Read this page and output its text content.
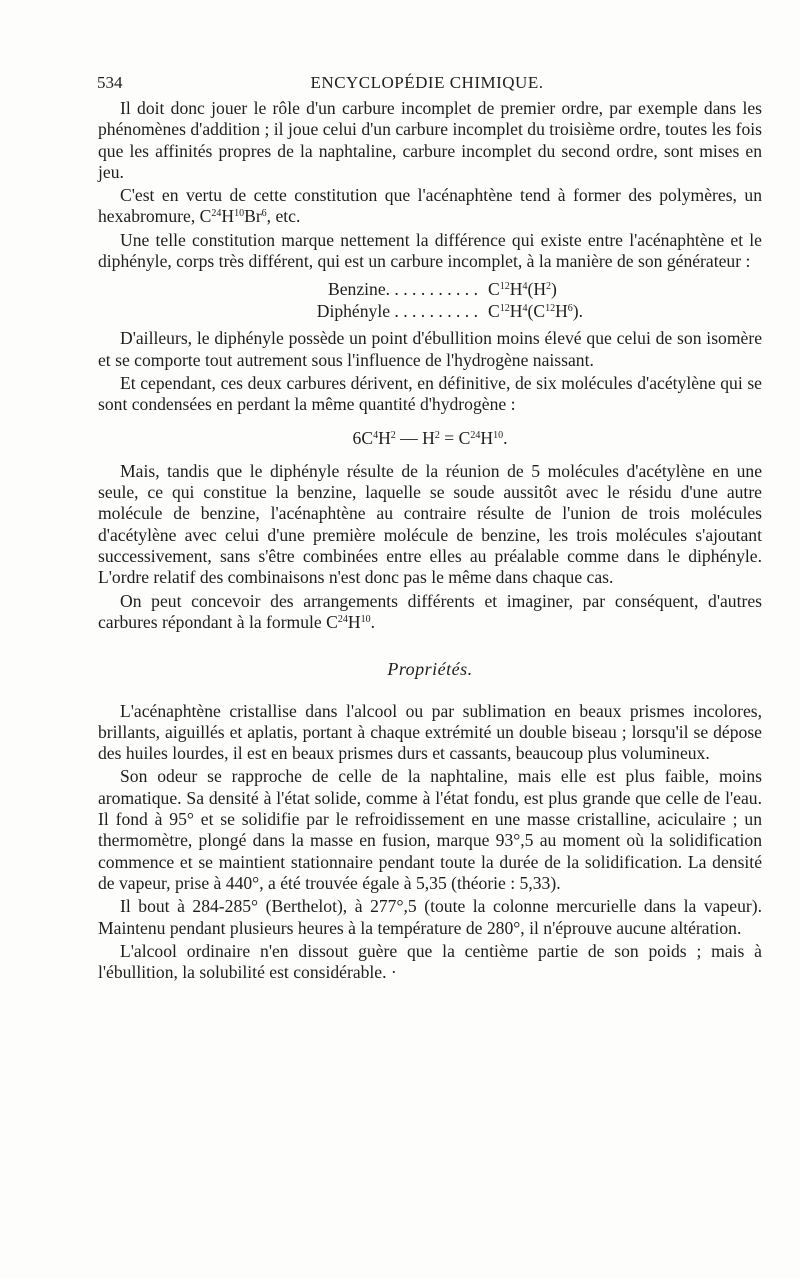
534	ENCYCLOPÉDIE CHIMIQUE.

Il doit donc jouer le rôle d'un carbure incomplet de premier ordre, par exemple dans les phénomènes d'addition ; il joue celui d'un carbure incomplet du troisième ordre, toutes les fois que les affinités propres de la naphtaline, carbure incomplet du second ordre, sont mises en jeu.

C'est en vertu de cette constitution que l'acénaphtène tend à former des polymères, un hexabromure, $C^{24}H^{10}Br^6$, etc.

Une telle constitution marque nettement la différence qui existe entre l'acénaphtène et le diphényle, corps très différent, qui est un carbure incomplet, à la manière de son générateur :

Benzine. . . . . . . . . . .	$C^{12}H^4(H^2)$
Diphényle . . . . . . . . . .	$C^{12}H^4(C^{12}H^6)$.

D'ailleurs, le diphényle possède un point d'ébullition moins élevé que celui de son isomère et se comporte tout autrement sous l'influence de l'hydrogène naissant.

Et cependant, ces deux carbures dérivent, en définitive, de six molécules d'acétylène qui se sont condensées en perdant la même quantité d'hydrogène :

$6C^4H^2$ — $H^2 = C^{24}H^{10}$.

Mais, tandis que le diphényle résulte de la réunion de 5 molécules d'acétylène en une seule, ce qui constitue la benzine, laquelle se soude aussitôt avec le résidu d'une autre molécule de benzine, l'acénaphtène au contraire résulte de l'union de trois molécules d'acétylène avec celui d'une première molécule de benzine, les trois molécules s'ajoutant successivement, sans s'être combinées entre elles au préalable comme dans le diphényle. L'ordre relatif des combinaisons n'est donc pas le même dans chaque cas.

On peut concevoir des arrangements différents et imaginer, par conséquent, d'autres carbures répondant à la formule $C^{24}H^{10}$.

Propriétés.

L'acénaphtène cristallise dans l'alcool ou par sublimation en beaux prismes incolores, brillants, aiguillés et aplatis, portant à chaque extrémité un double biseau ; lorsqu'il se dépose des huiles lourdes, il est en beaux prismes durs et cassants, beaucoup plus volumineux.

Son odeur se rapproche de celle de la naphtaline, mais elle est plus faible, moins aromatique. Sa densité à l'état solide, comme à l'état fondu, est plus grande que celle de l'eau. Il fond à 95° et se solidifie par le refroidissement en une masse cristalline, aciculaire ; un thermomètre, plongé dans la masse en fusion, marque 93°,5 au moment où la solidification commence et se maintient stationnaire pendant toute la durée de la solidification. La densité de vapeur, prise à 440°, a été trouvée égale à 5,35 (théorie : 5,33).

Il bout à 284-285° (Berthelot), à 277°,5 (toute la colonne mercurielle dans la vapeur). Maintenu pendant plusieurs heures à la température de 280°, il n'éprouve aucune altération.

L'alcool ordinaire n'en dissout guère que la centième partie de son poids ; mais à l'ébullition, la solubilité est considérable. ·
